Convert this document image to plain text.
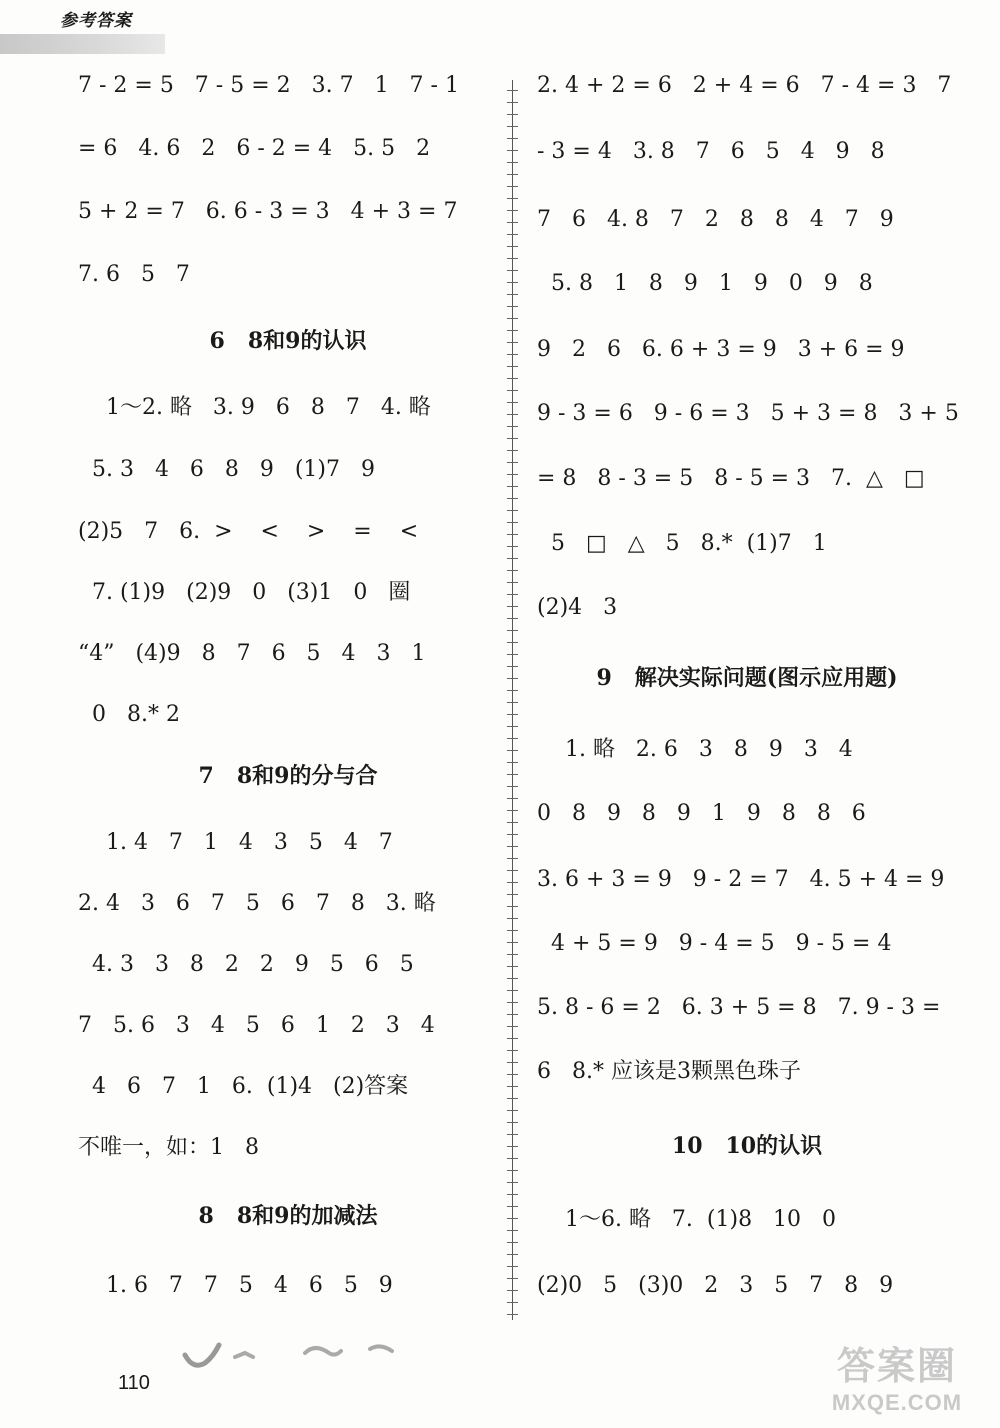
参考答案
7 - 2 = 5   7 - 5 = 2   3. 7   1   7 - 1
= 6   4. 6   2   6 - 2 = 4   5. 5   2
5 + 2 = 7   6. 6 - 3 = 3   4 + 3 = 7
7. 6   5   7
6   8和9的认识
1～2. 略   3. 9   6   8   7   4. 略
5. 3   4   6   8   9   (1)7   9
(2)5   7   6.  >    <    >    =    <
7. (1)9   (2)9   0   (3)1   0   圈
“4”   (4)9   8   7   6   5   4   3   1
0   8.* 2
7   8和9的分与合
1. 4   7   1   4   3   5   4   7
2. 4   3   6   7   5   6   7   8   3. 略
4. 3   3   8   2   2   9   5   6   5
7   5. 6   3   4   5   6   1   2   3   4
4   6   7   1   6.  (1)4   (2)答案
不唯一，如：1   8
8   8和9的加减法
1. 6   7   7   5   4   6   5   9
2. 4 + 2 = 6   2 + 4 = 6   7 - 4 = 3   7
- 3 = 4   3. 8   7   6   5   4   9   8
7   6   4. 8   7   2   8   8   4   7   9
5. 8   1   8   9   1   9   0   9   8
9   2   6   6. 6 + 3 = 9   3 + 6 = 9
9 - 3 = 6   9 - 6 = 3   5 + 3 = 8   3 + 5
= 8   8 - 3 = 5   8 - 5 = 3   7.  △   □
5   □   △   5   8.*  (1)7   1
(2)4   3
9   解决实际问题(图示应用题)
1. 略   2. 6   3   8   9   3   4
0   8   9   8   9   1   9   8   8   6
3. 6 + 3 = 9   9 - 2 = 7   4. 5 + 4 = 9
4 + 5 = 9   9 - 4 = 5   9 - 5 = 4
5. 8 - 6 = 2   6. 3 + 5 = 8   7. 9 - 3 =
6   8.* 应该是3颗黑色珠子
10   10的认识
1～6. 略   7.  (1)8   10   0
(2)0   5   (3)0   2   3   5   7   8   9
110	答案圈
MXQE.COM
